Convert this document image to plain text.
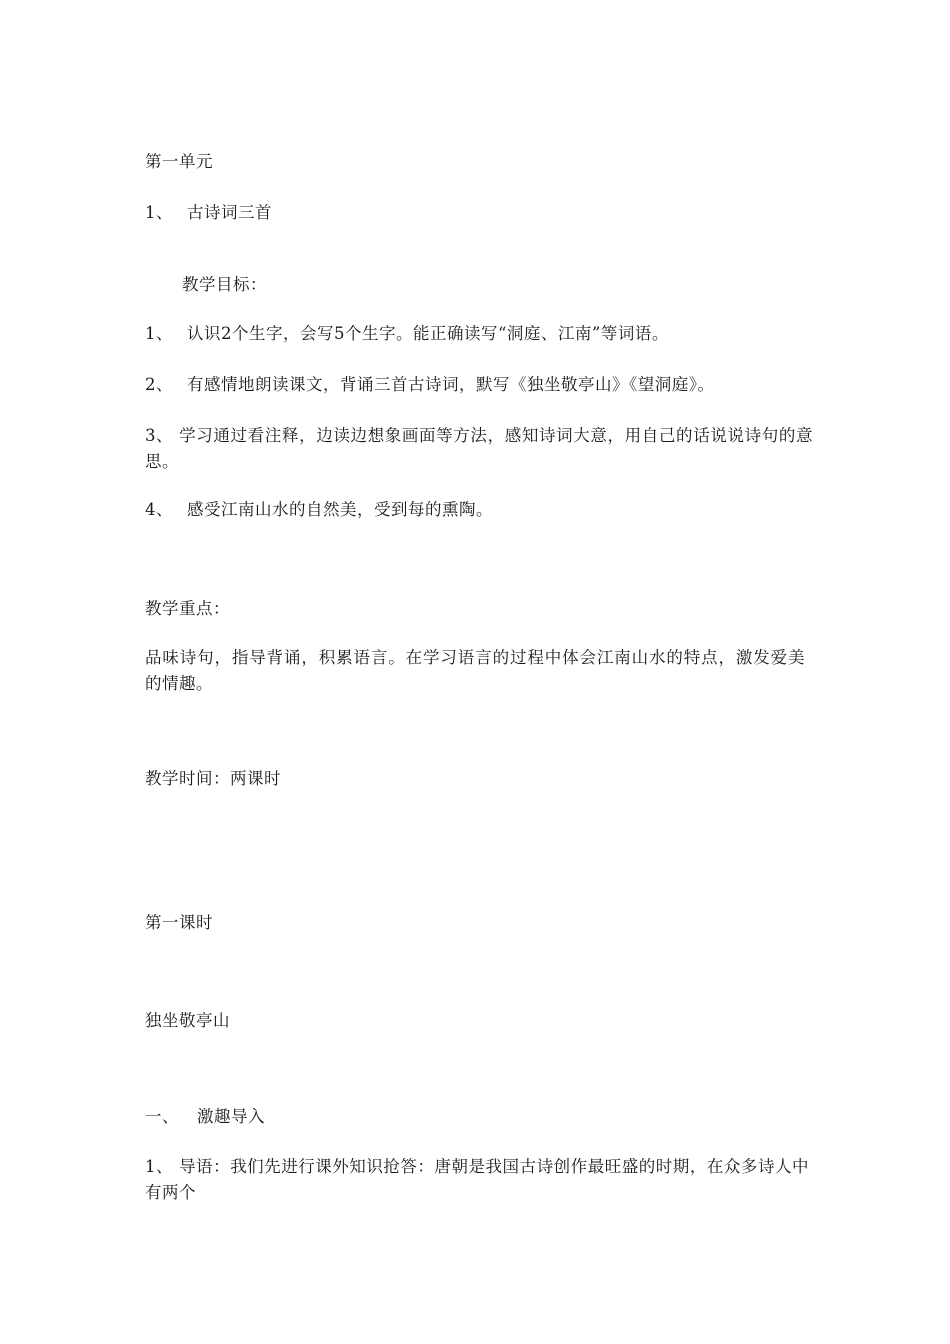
第一单元
1、 古诗词三首
教学目标：
1、 认识2个生字，会写5个生字。能正确读写“洞庭、江南”等词语。
2、 有感情地朗读课文，背诵三首古诗词，默写《独坐敬亭山》《望洞庭》。
3、 学习通过看注释，边读边想象画面等方法，感知诗词大意，用自己的话说说诗句的意思。
4、 感受江南山水的自然美，受到每的熏陶。
教学重点：
品味诗句，指导背诵，积累语言。在学习语言的过程中体会江南山水的特点，激发爱美的情趣。
教学时间：两课时
第一课时
独坐敬亭山
一、 激趣导入
1、 导语：我们先进行课外知识抢答：唐朝是我国古诗创作最旺盛的时期，在众多诗人中有两个
